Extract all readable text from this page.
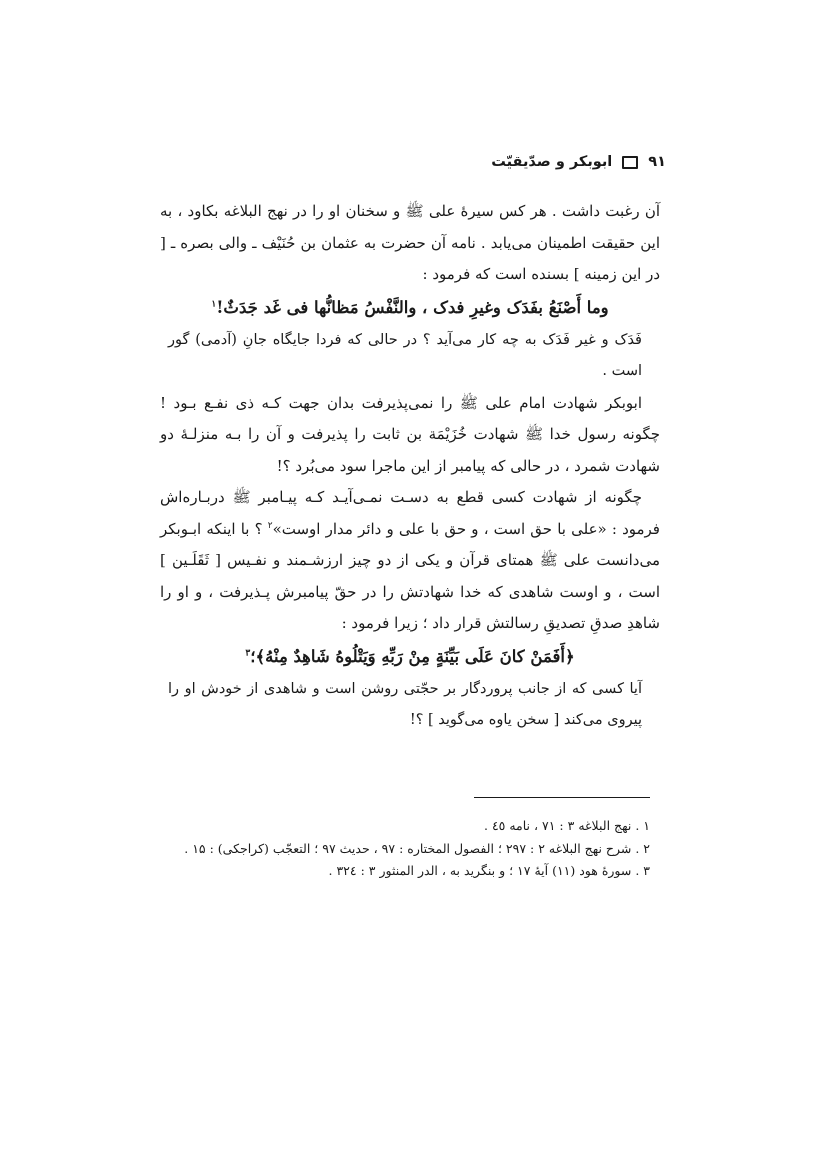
۹۱
ابوبکر و صدّیقیّت

آن رغبت داشت . هر کس سیرهٔ علی ﷺ و سخنان او را در نهج البلاغه بکاود ، به این حقیقت اطمینان می‌یابد . نامه آن حضرت به عثمان بن حُنَیْف ـ والی بصره ـ [ در این زمینه ] بسنده است که فرمود :

وما أَصْنَعُ بفَدَک وغیرِ فدک ، والنَّفْسُ مَظانُّها فی غَد جَدَثٌ!$^۱$

فَدَک و غیر فَدَک به چه کار می‌آید ؟ در حالی که فردا جایگاه جانِ (آدمی) گور است .

ابوبکر شهادت امام علی ﷺ را نمی‌پذیرفت بدان جهت کـه ذی نفـع بـود ! چگونه رسول خدا ﷺ شهادت خُزَیْمَة بن ثابت را پذیرفت و آن را بـه منزلـهٔ دو شهادت شمرد ، در حالی که پیامبر از این ماجرا سود می‌بُرد ؟!

چگونه از شهادت کسی قطع به دسـت نمـی‌آیـد کـه پیـامبر ﷺ دربـاره‌اش فرمود : «علی با حق است ، و حق با علی و دائر مدار اوست»$^۲$ ؟ با اینکه ابـوبکر می‌دانست علی ﷺ همتای قرآن و یکی از دو چیز ارزشـمند و نفـیس [ ثَقَلَـین ] است ، و اوست شاهدی که خدا شهادتش را در حقّ پیامبرش پـذیرفت ، و او را شاهدِ صدقِ تصدیقِ رسالتش قرار داد ؛ زیرا فرمود :

﴿أَفَمَنْ كانَ عَلَى بَيِّنَةٍ مِنْ رَبِّهِ وَيَتْلُوهُ شَاهِدٌ مِنْهُ﴾؛$^۳$

آیا کسی که از جانب پروردگار بر حجّتی روشن است و شاهدی از خودش او را پیروی می‌کند [ سخن یاوه می‌گوید ] ؟!

۱ . نهج البلاغه ۳ : ۷۱ ، نامه ٤٥ .

۲ . شرح نهج البلاغه ۲ : ۲۹۷ ؛ الفصول المختاره : ۹۷ ، حدیث ۹۷ ؛ التعجّب (کراجکی) : ۱۵ .

۳ . سورهٔ هود (۱۱) آیهٔ ۱۷ ؛ و بنگرید به ، الدر المنثور ۳ : ۳۲٤ .
